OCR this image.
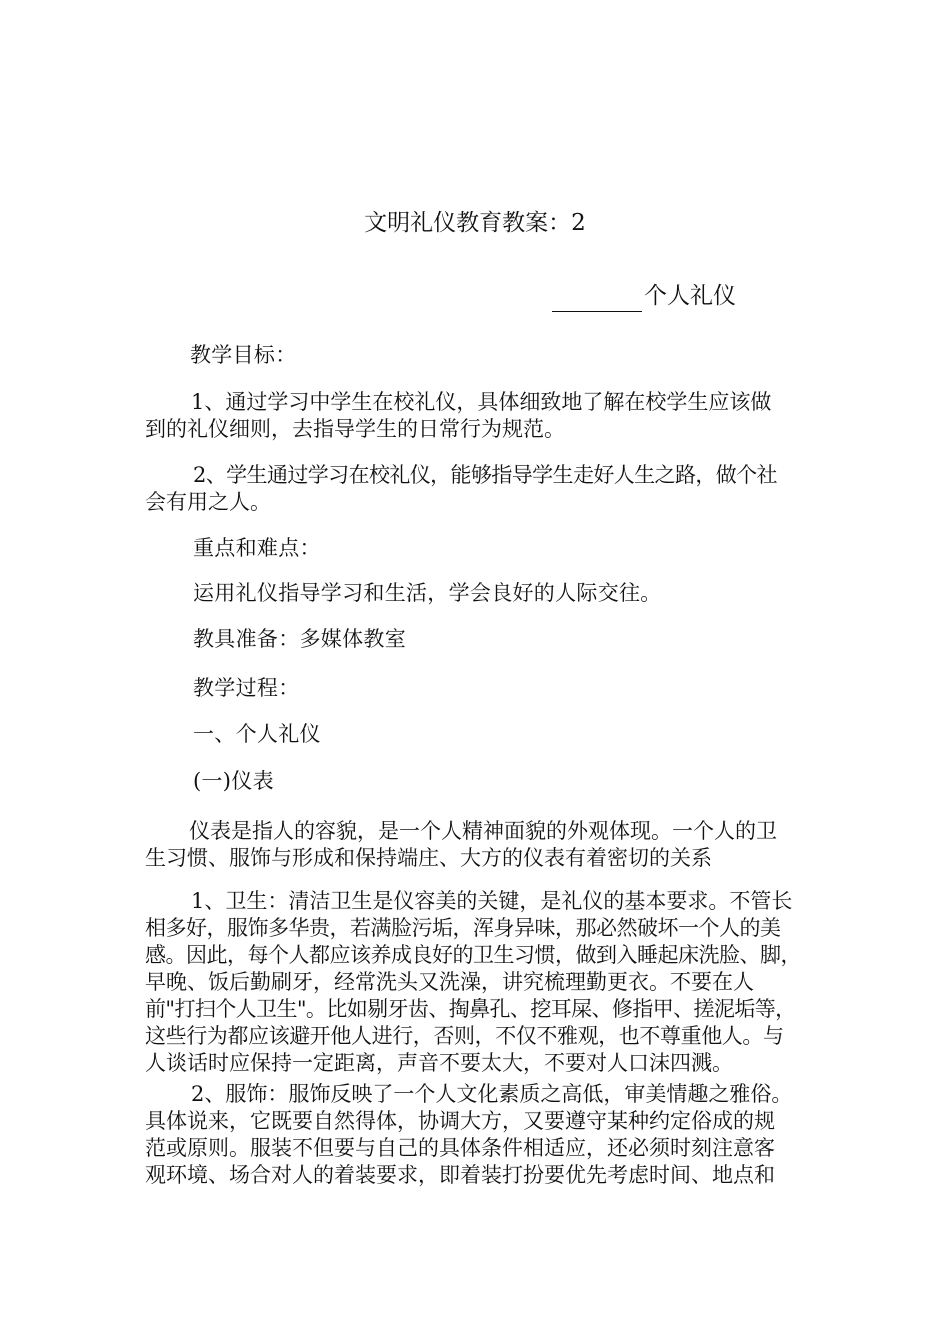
文明礼仪教育教案：2
个人礼仪

教学目标：

1、通过学习中学生在校礼仪，具体细致地了解在校学生应该做
到的礼仪细则，去指导学生的日常行为规范。
2、学生通过学习在校礼仪，能够指导学生走好人生之路，做个社
会有用之人。

重点和难点：

运用礼仪指导学习和生活，学会良好的人际交往。

教具准备：多媒体教室

教学过程：

一、个人礼仪

(一)仪表

仪表是指人的容貌，是一个人精神面貌的外观体现。一个人的卫
生习惯、服饰与形成和保持端庄、大方的仪表有着密切的关系
1、卫生：清洁卫生是仪容美的关键，是礼仪的基本要求。不管长
相多好，服饰多华贵，若满脸污垢，浑身异味，那必然破坏一个人的美
感。因此，每个人都应该养成良好的卫生习惯，做到入睡起床洗脸、脚，
早晚、饭后勤刷牙，经常洗头又洗澡，讲究梳理勤更衣。不要在人
前"打扫个人卫生"。比如剔牙齿、掏鼻孔、挖耳屎、修指甲、搓泥垢等，
这些行为都应该避开他人进行，否则，不仅不雅观，也不尊重他人。与
人谈话时应保持一定距离，声音不要太大，不要对人口沫四溅。
2、服饰：服饰反映了一个人文化素质之高低，审美情趣之雅俗。
具体说来，它既要自然得体，协调大方，又要遵守某种约定俗成的规
范或原则。服装不但要与自己的具体条件相适应，还必须时刻注意客
观环境、场合对人的着装要求，即着装打扮要优先考虑时间、地点和
